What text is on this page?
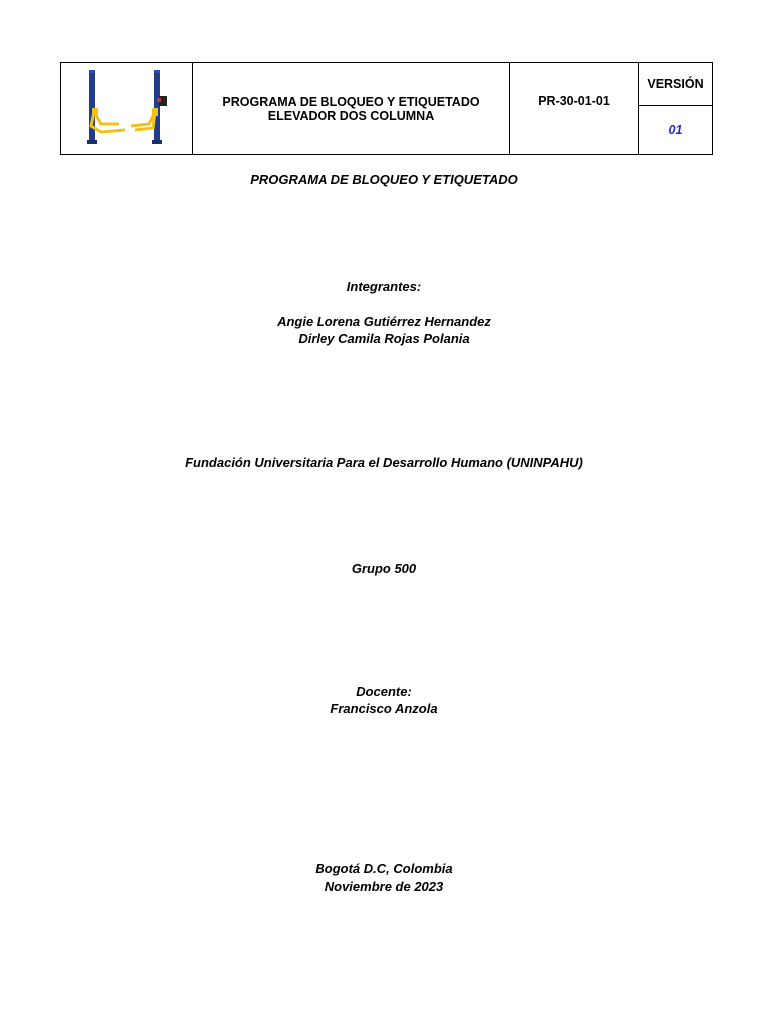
PROGRAMA DE BLOQUEO Y ETIQUETADO
ELEVADOR DOS COLUMNA
	$^{PR-30-01-01}$	VERSIÓN
01
PROGRAMA DE BLOQUEO Y ETIQUETADO
Integrantes:
Angie Lorena Gutiérrez Hernandez
Dirley Camila Rojas Polania
Fundación Universitaria Para el Desarrollo Humano (UNINPAHU)
Grupo 500
Docente:
Francisco Anzola
Bogotá D.C, Colombia
Noviembre de 2023
